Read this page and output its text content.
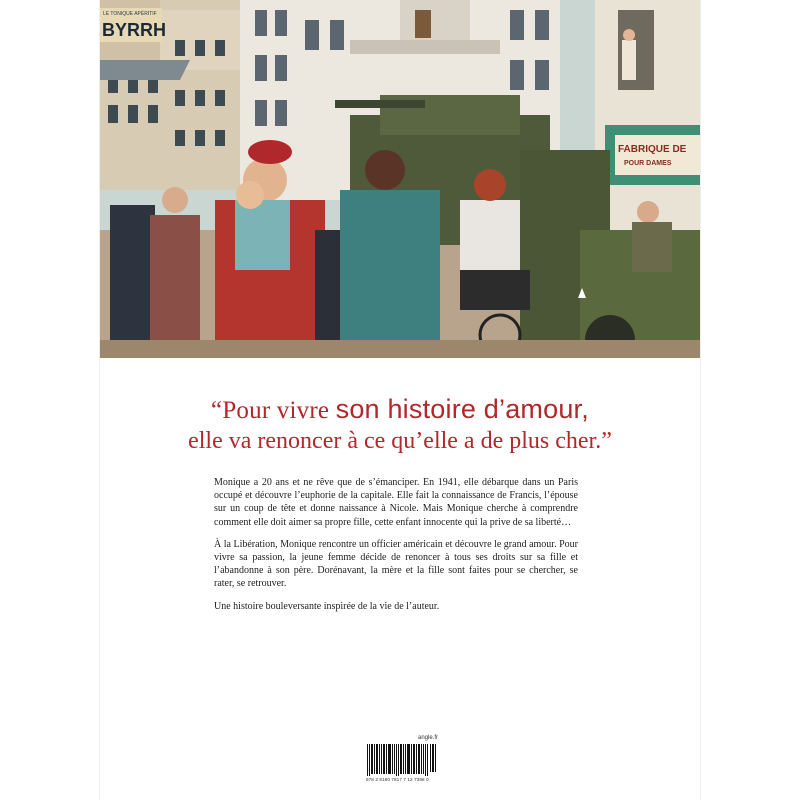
LE TONIQUE APÉRITIF
BYRRH
FABRIQUE DE
POUR DAMES
“Pour vivre son histoire d’amour,
elle va renoncer à ce qu’elle a de plus cher.”

Monique a 20 ans et ne rêve que de s’émanciper. En 1941, elle débarque dans un Paris occupé et découvre l’euphorie de la capitale. Elle fait la connaissance de Francis, l’épouse sur un coup de tête et donne naissance à Nicole. Mais Monique cherche à comprendre comment elle doit aimer sa propre fille, cette enfant innocente qui la prive de sa liberté…

À la Libération, Monique rencontre un officier américain et découvre le grand amour. Pour vivre sa passion, la jeune femme décide de renoncer à tous ses droits sur sa fille et l’abandonne à son père. Dorénavant, la mère et la fille sont faites pour se chercher, se rater, se retrouver.

Une histoire bouleversante inspirée de la vie de l’auteur.

angle.fr
978 2 8180 7817 7 12 7398 0
